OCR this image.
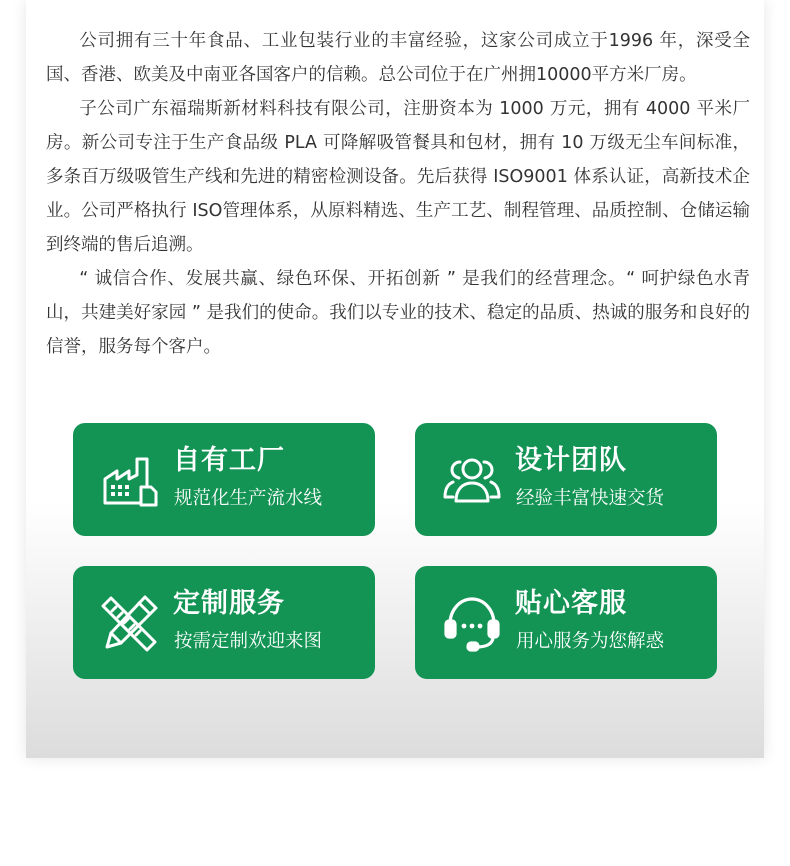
公司拥有三十年食品、工业包装行业的丰富经验，这家公司成立于1996 年，深受全国、香港、欧美及中南亚各国客户的信赖。总公司位于在广州拥10000平方米厂房。

子公司广东福瑞斯新材料科技有限公司，注册资本为 1000 万元，拥有 4000 平米厂房。新公司专注于生产食品级 PLA 可降解吸管餐具和包材，拥有 10 万级无尘车间标准，多条百万级吸管生产线和先进的精密检测设备。先后获得 ISO9001 体系认证，高新技术企业。公司严格执行 ISO管理体系，从原料精选、生产工艺、制程管理、品质控制、仓储运输到终端的售后追溯。

“ 诚信合作、发展共赢、绿色环保、开拓创新 ” 是我们的经营理念。“ 呵护绿色水青山，共建美好家园 ” 是我们的使命。我们以专业的技术、稳定的品质、热诚的服务和良好的信誉，服务每个客户。

自有工厂
规范化生产流水线
设计团队
经验丰富快速交货
定制服务
按需定制欢迎来图
贴心客服
用心服务为您解惑
